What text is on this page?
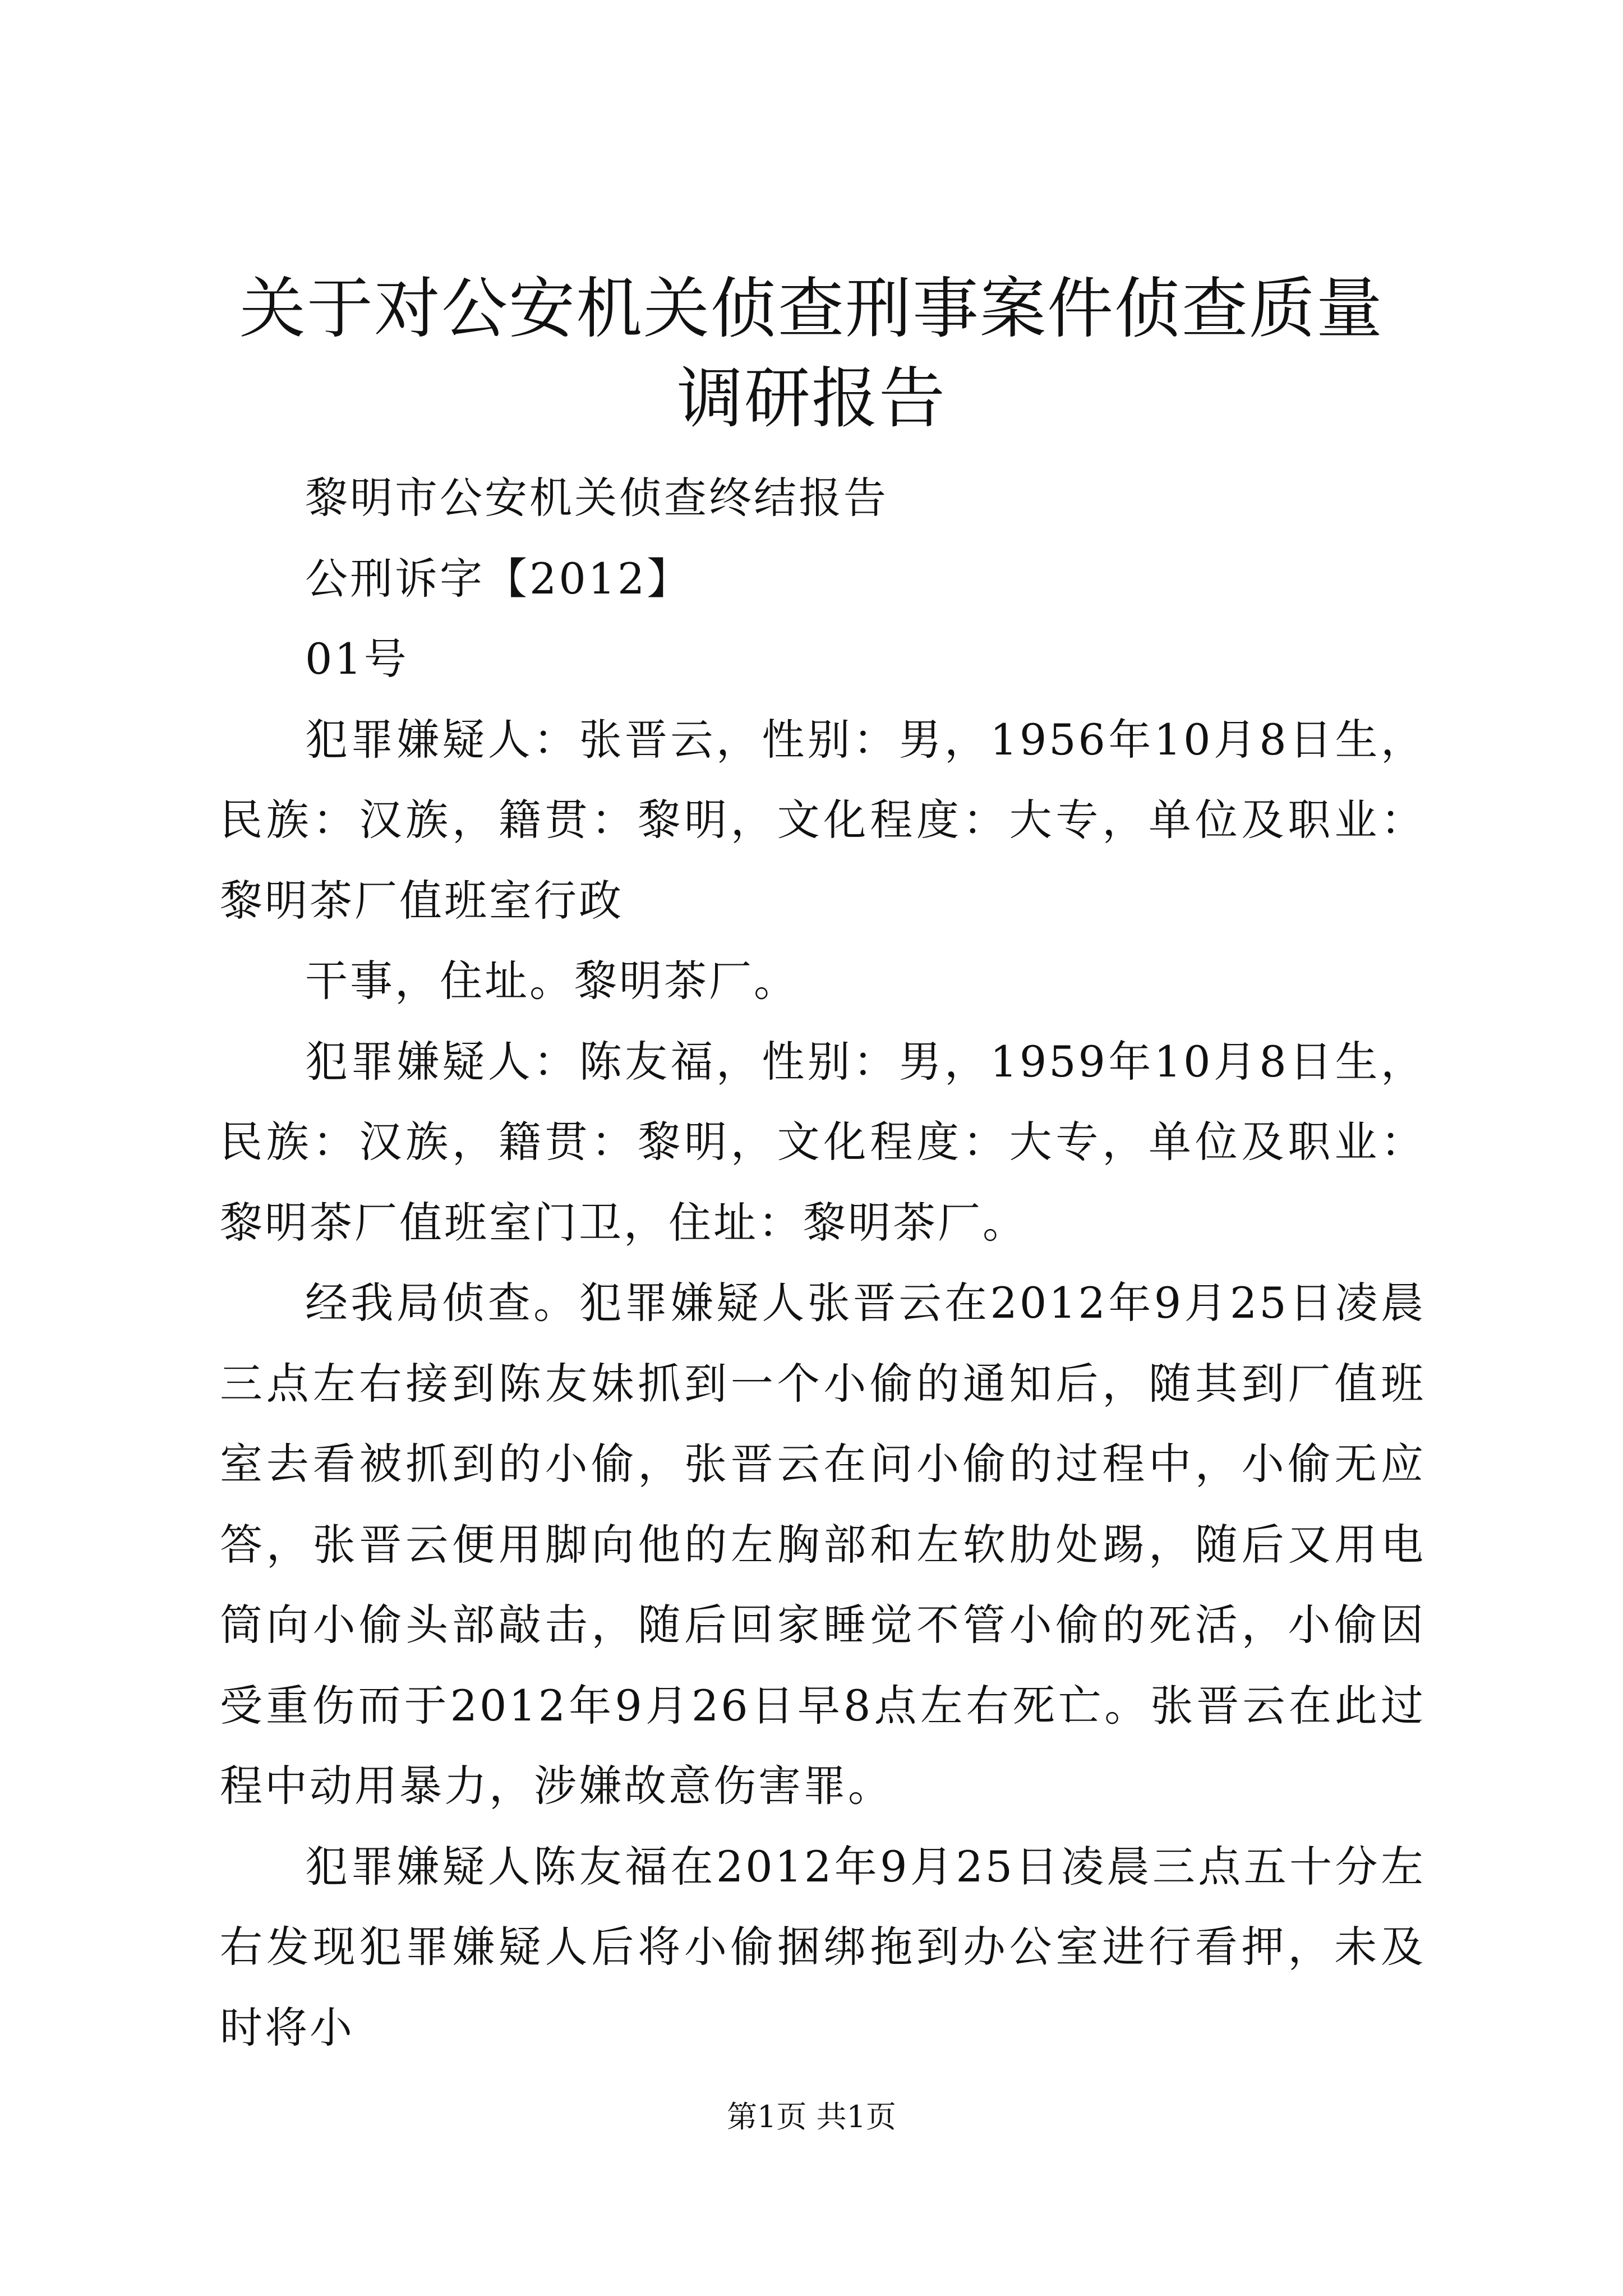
关于对公安机关侦查刑事案件侦查质量调研报告

黎明市公安机关侦查终结报告

公刑诉字【2012】

01号

犯罪嫌疑人：张晋云，性别：男，1956年10月8日生，民族：汉族，籍贯：黎明，文化程度：大专，单位及职业：黎明茶厂值班室行政

干事，住址。黎明茶厂。

犯罪嫌疑人：陈友福，性别：男，1959年10月8日生，民族：汉族，籍贯：黎明，文化程度：大专，单位及职业：黎明茶厂值班室门卫，住址：黎明茶厂。

经我局侦查。犯罪嫌疑人张晋云在2012年9月25日凌晨三点左右接到陈友妹抓到一个小偷的通知后，随其到厂值班室去看被抓到的小偷，张晋云在问小偷的过程中，小偷无应答，张晋云便用脚向他的左胸部和左软肋处踢，随后又用电筒向小偷头部敲击，随后回家睡觉不管小偷的死活，小偷因受重伤而于2012年9月26日早8点左右死亡。张晋云在此过程中动用暴力，涉嫌故意伤害罪。

犯罪嫌疑人陈友福在2012年9月25日凌晨三点五十分左右发现犯罪嫌疑人后将小偷捆绑拖到办公室进行看押，未及时将小

第1页 共1页
